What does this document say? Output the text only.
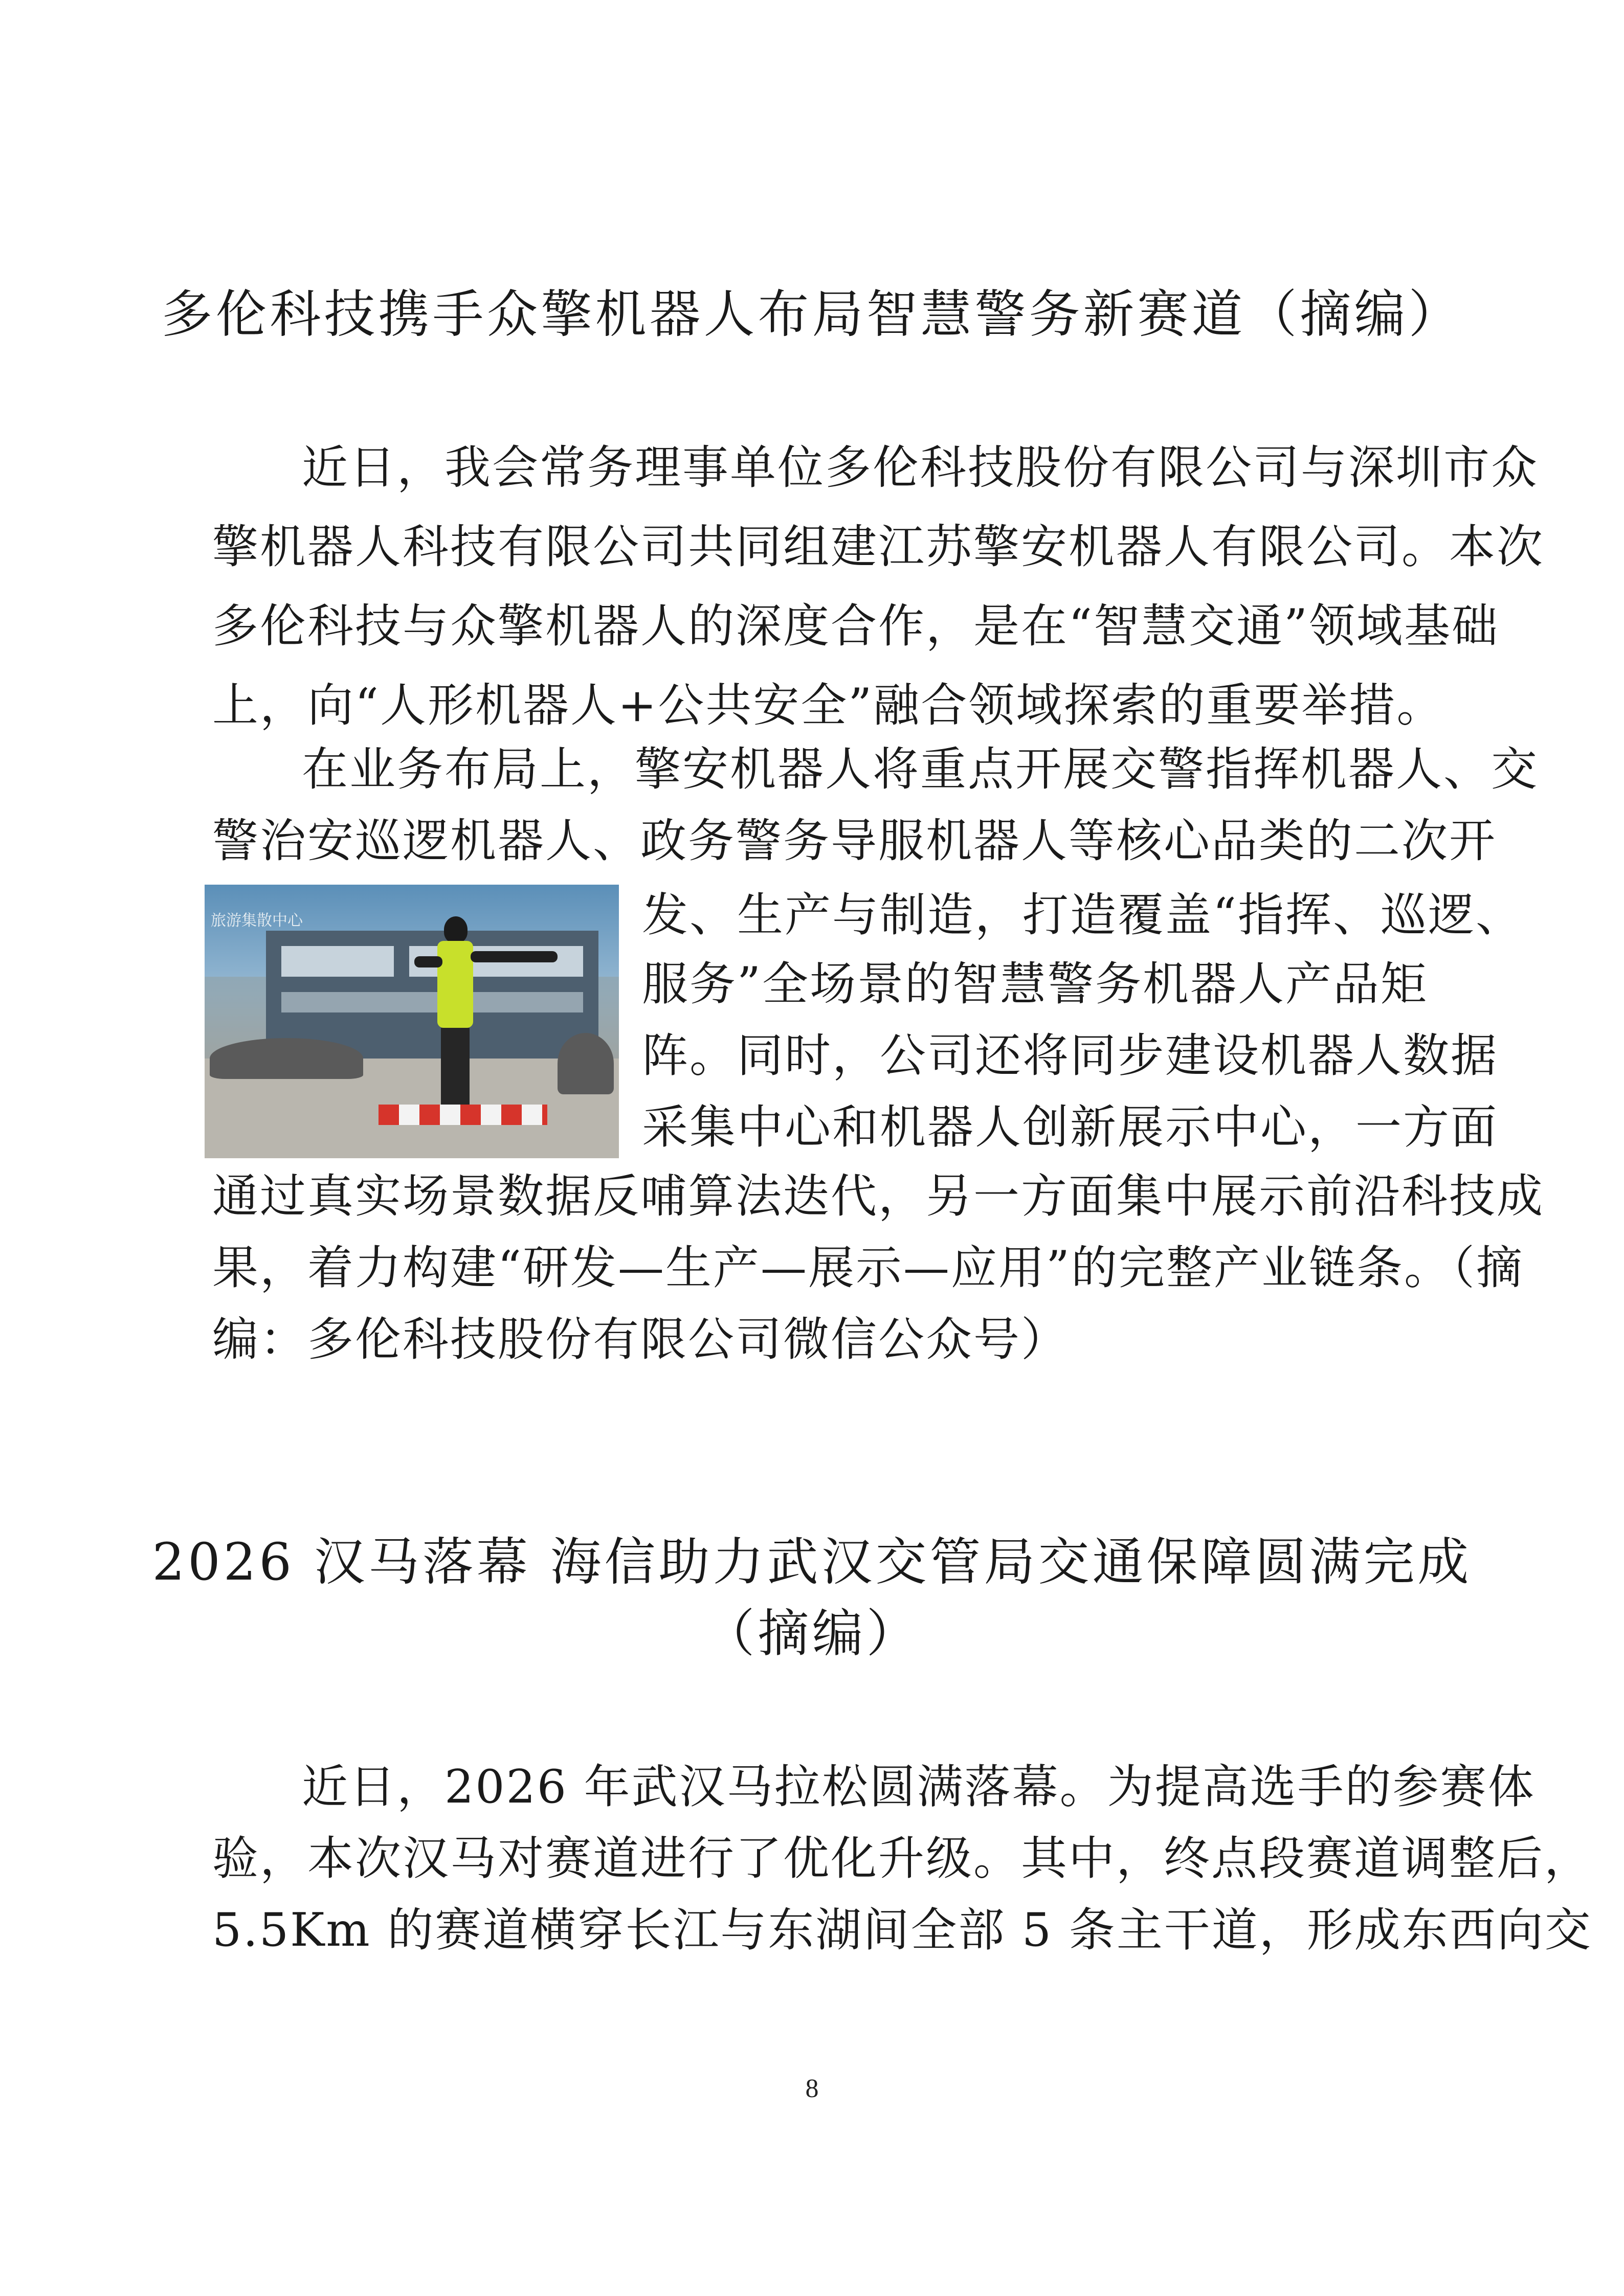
多伦科技携手众擎机器人布局智慧警务新赛道（摘编）
近日，我会常务理事单位多伦科技股份有限公司与深圳市众
擎机器人科技有限公司共同组建江苏擎安机器人有限公司。本次
多伦科技与众擎机器人的深度合作，是在“智慧交通”领域基础
上，向“人形机器人+公共安全”融合领域探索的重要举措。
在业务布局上，擎安机器人将重点开展交警指挥机器人、交
警治安巡逻机器人、政务警务导服机器人等核心品类的二次开
旅游集散中心	发、生产与制造，打造覆盖“指挥、巡逻、
服务”全场景的智慧警务机器人产品矩
阵。同时，公司还将同步建设机器人数据
采集中心和机器人创新展示中心，一方面
通过真实场景数据反哺算法迭代，另一方面集中展示前沿科技成
果，着力构建“研发—生产—展示—应用”的完整产业链条。（摘
编：多伦科技股份有限公司微信公众号）
2026 汉马落幕 海信助力武汉交管局交通保障圆满完成
（摘编）
近日，2026 年武汉马拉松圆满落幕。为提高选手的参赛体
验，本次汉马对赛道进行了优化升级。其中，终点段赛道调整后，
5.5Km 的赛道横穿长江与东湖间全部 5 条主干道，形成东西向交
8
